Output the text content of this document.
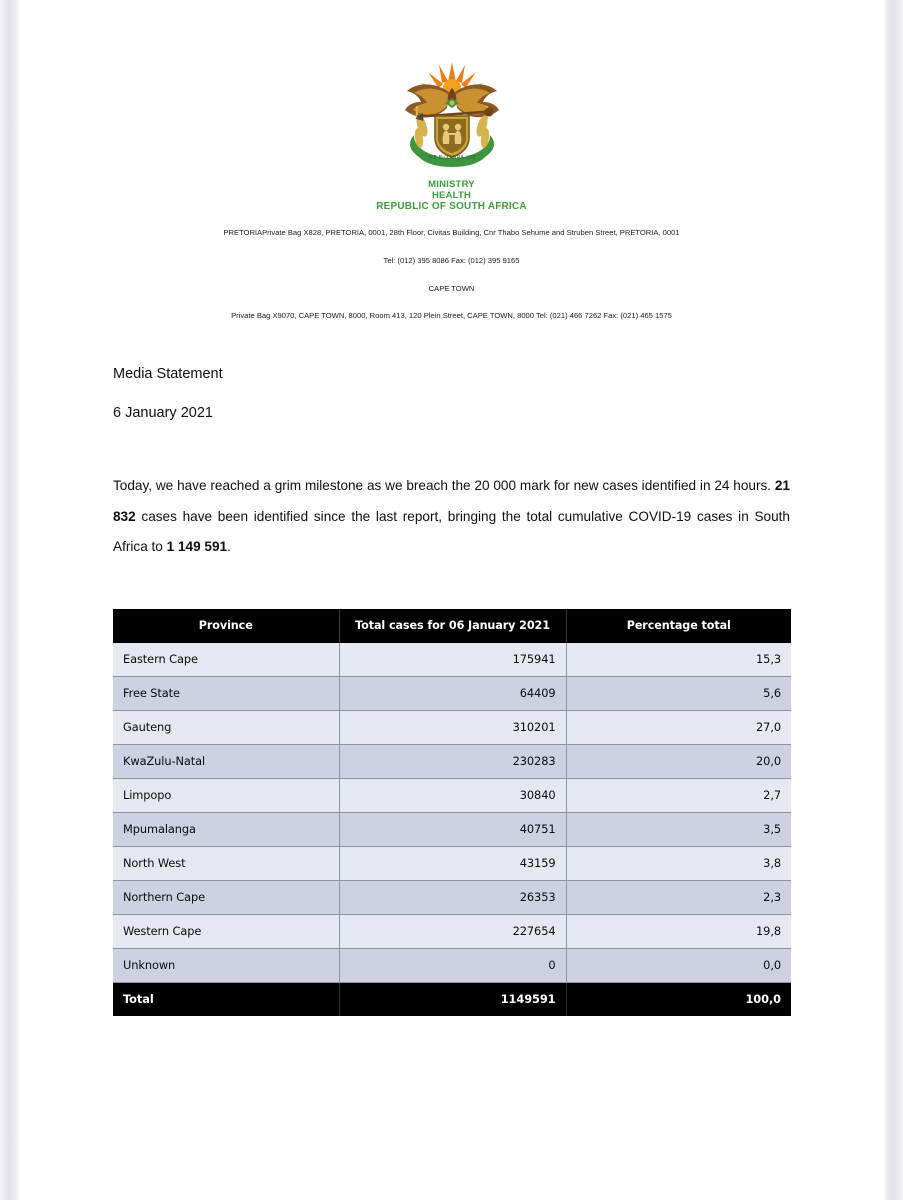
!KE E:/XARRA //KE
MINISTRY
HEALTH
REPUBLIC OF SOUTH AFRICA
PRETORIAPrivate Bag X828, PRETORIA, 0001, 28th Floor, Civitas Building, Cnr Thabo Sehume and Struben Street, PRETORIA, 0001
Tel: (012) 395 8086 Fax: (012) 395 9165
CAPE TOWN
Private Bag X9070, CAPE TOWN, 8000, Room 413, 120 Plein Street, CAPE TOWN, 8000 Tel: (021) 466 7262 Fax: (021) 465 1575
Media Statement
6 January 2021

Today, we have reached a grim milestone as we breach the 20 000 mark for new cases identified in 24 hours. 21 832 cases have been identified since the last report, bringing the total cumulative COVID-19 cases in South Africa to 1 149 591.

Province	Total cases for 06 January 2021	Percentage total
Eastern Cape	175941	15,3
Free State	64409	5,6
Gauteng	310201	27,0
KwaZulu-Natal	230283	20,0
Limpopo	30840	2,7
Mpumalanga	40751	3,5
North West	43159	3,8
Northern Cape	26353	2,3
Western Cape	227654	19,8
Unknown	0	0,0
Total	1149591	100,0
